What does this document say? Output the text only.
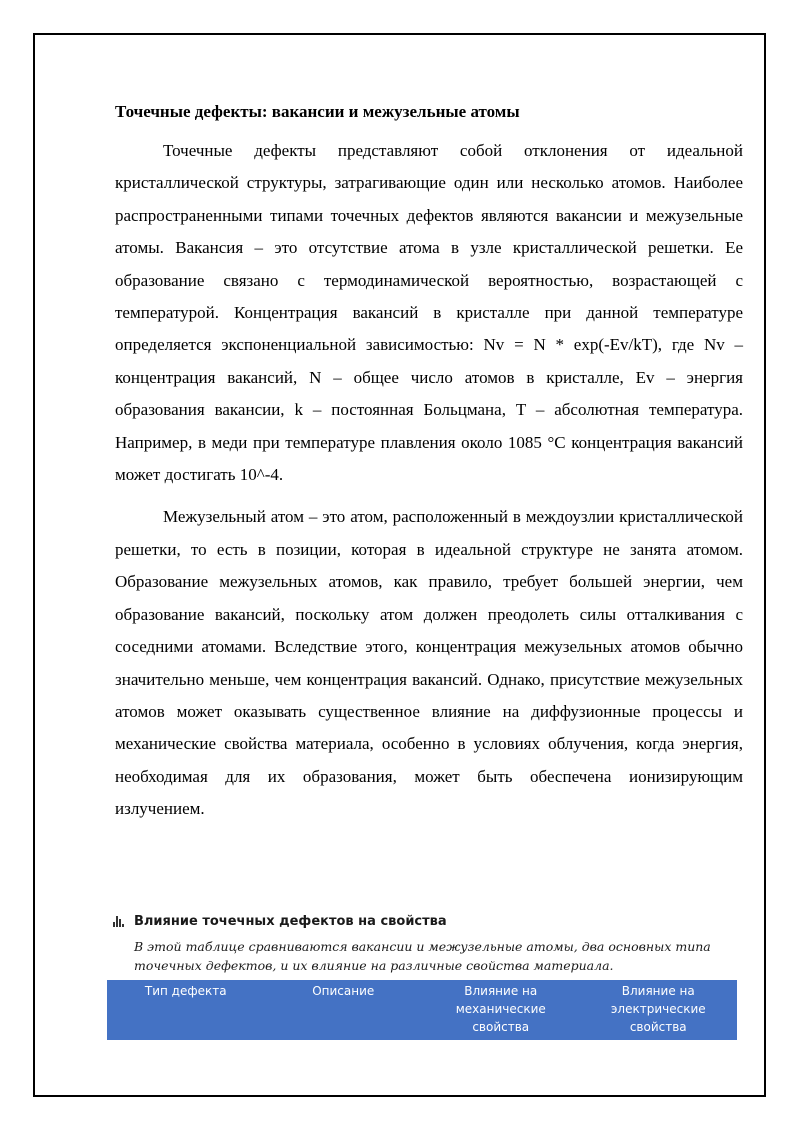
Точечные дефекты: вакансии и межузельные атомы

Точечные дефекты представляют собой отклонения от идеальной кристаллической структуры, затрагивающие один или несколько атомов. Наиболее распространенными типами точечных дефектов являются вакансии и межузельные атомы. Вакансия – это отсутствие атома в узле кристаллической решетки. Ее образование связано с термодинамической вероятностью, возрастающей с температурой. Концентрация вакансий в кристалле при данной температуре определяется экспоненциальной зависимостью: Nv = N * exp(-Ev/kT), где Nv – концентрация вакансий, N – общее число атомов в кристалле, Ev – энергия образования вакансии, k – постоянная Больцмана, T – абсолютная температура. Например, в меди при температуре плавления около 1085 °C концентрация вакансий может достигать 10^-4.

Межузельный атом – это атом, расположенный в междоузлии кристаллической решетки, то есть в позиции, которая в идеальной структуре не занята атомом. Образование межузельных атомов, как правило, требует большей энергии, чем образование вакансий, поскольку атом должен преодолеть силы отталкивания с соседними атомами. Вследствие этого, концентрация межузельных атомов обычно значительно меньше, чем концентрация вакансий. Однако, присутствие межузельных атомов может оказывать существенное влияние на диффузионные процессы и механические свойства материала, особенно в условиях облучения, когда энергия, необходимая для их образования, может быть обеспечена ионизирующим излучением.

Влияние точечных дефектов на свойства
В этой таблице сравниваются вакансии и межузельные атомы, два основных типа точечных дефектов, и их влияние на различные свойства материала.
Тип дефекта	Описание	Влияние на механические свойства	Влияние на электрические свойства
